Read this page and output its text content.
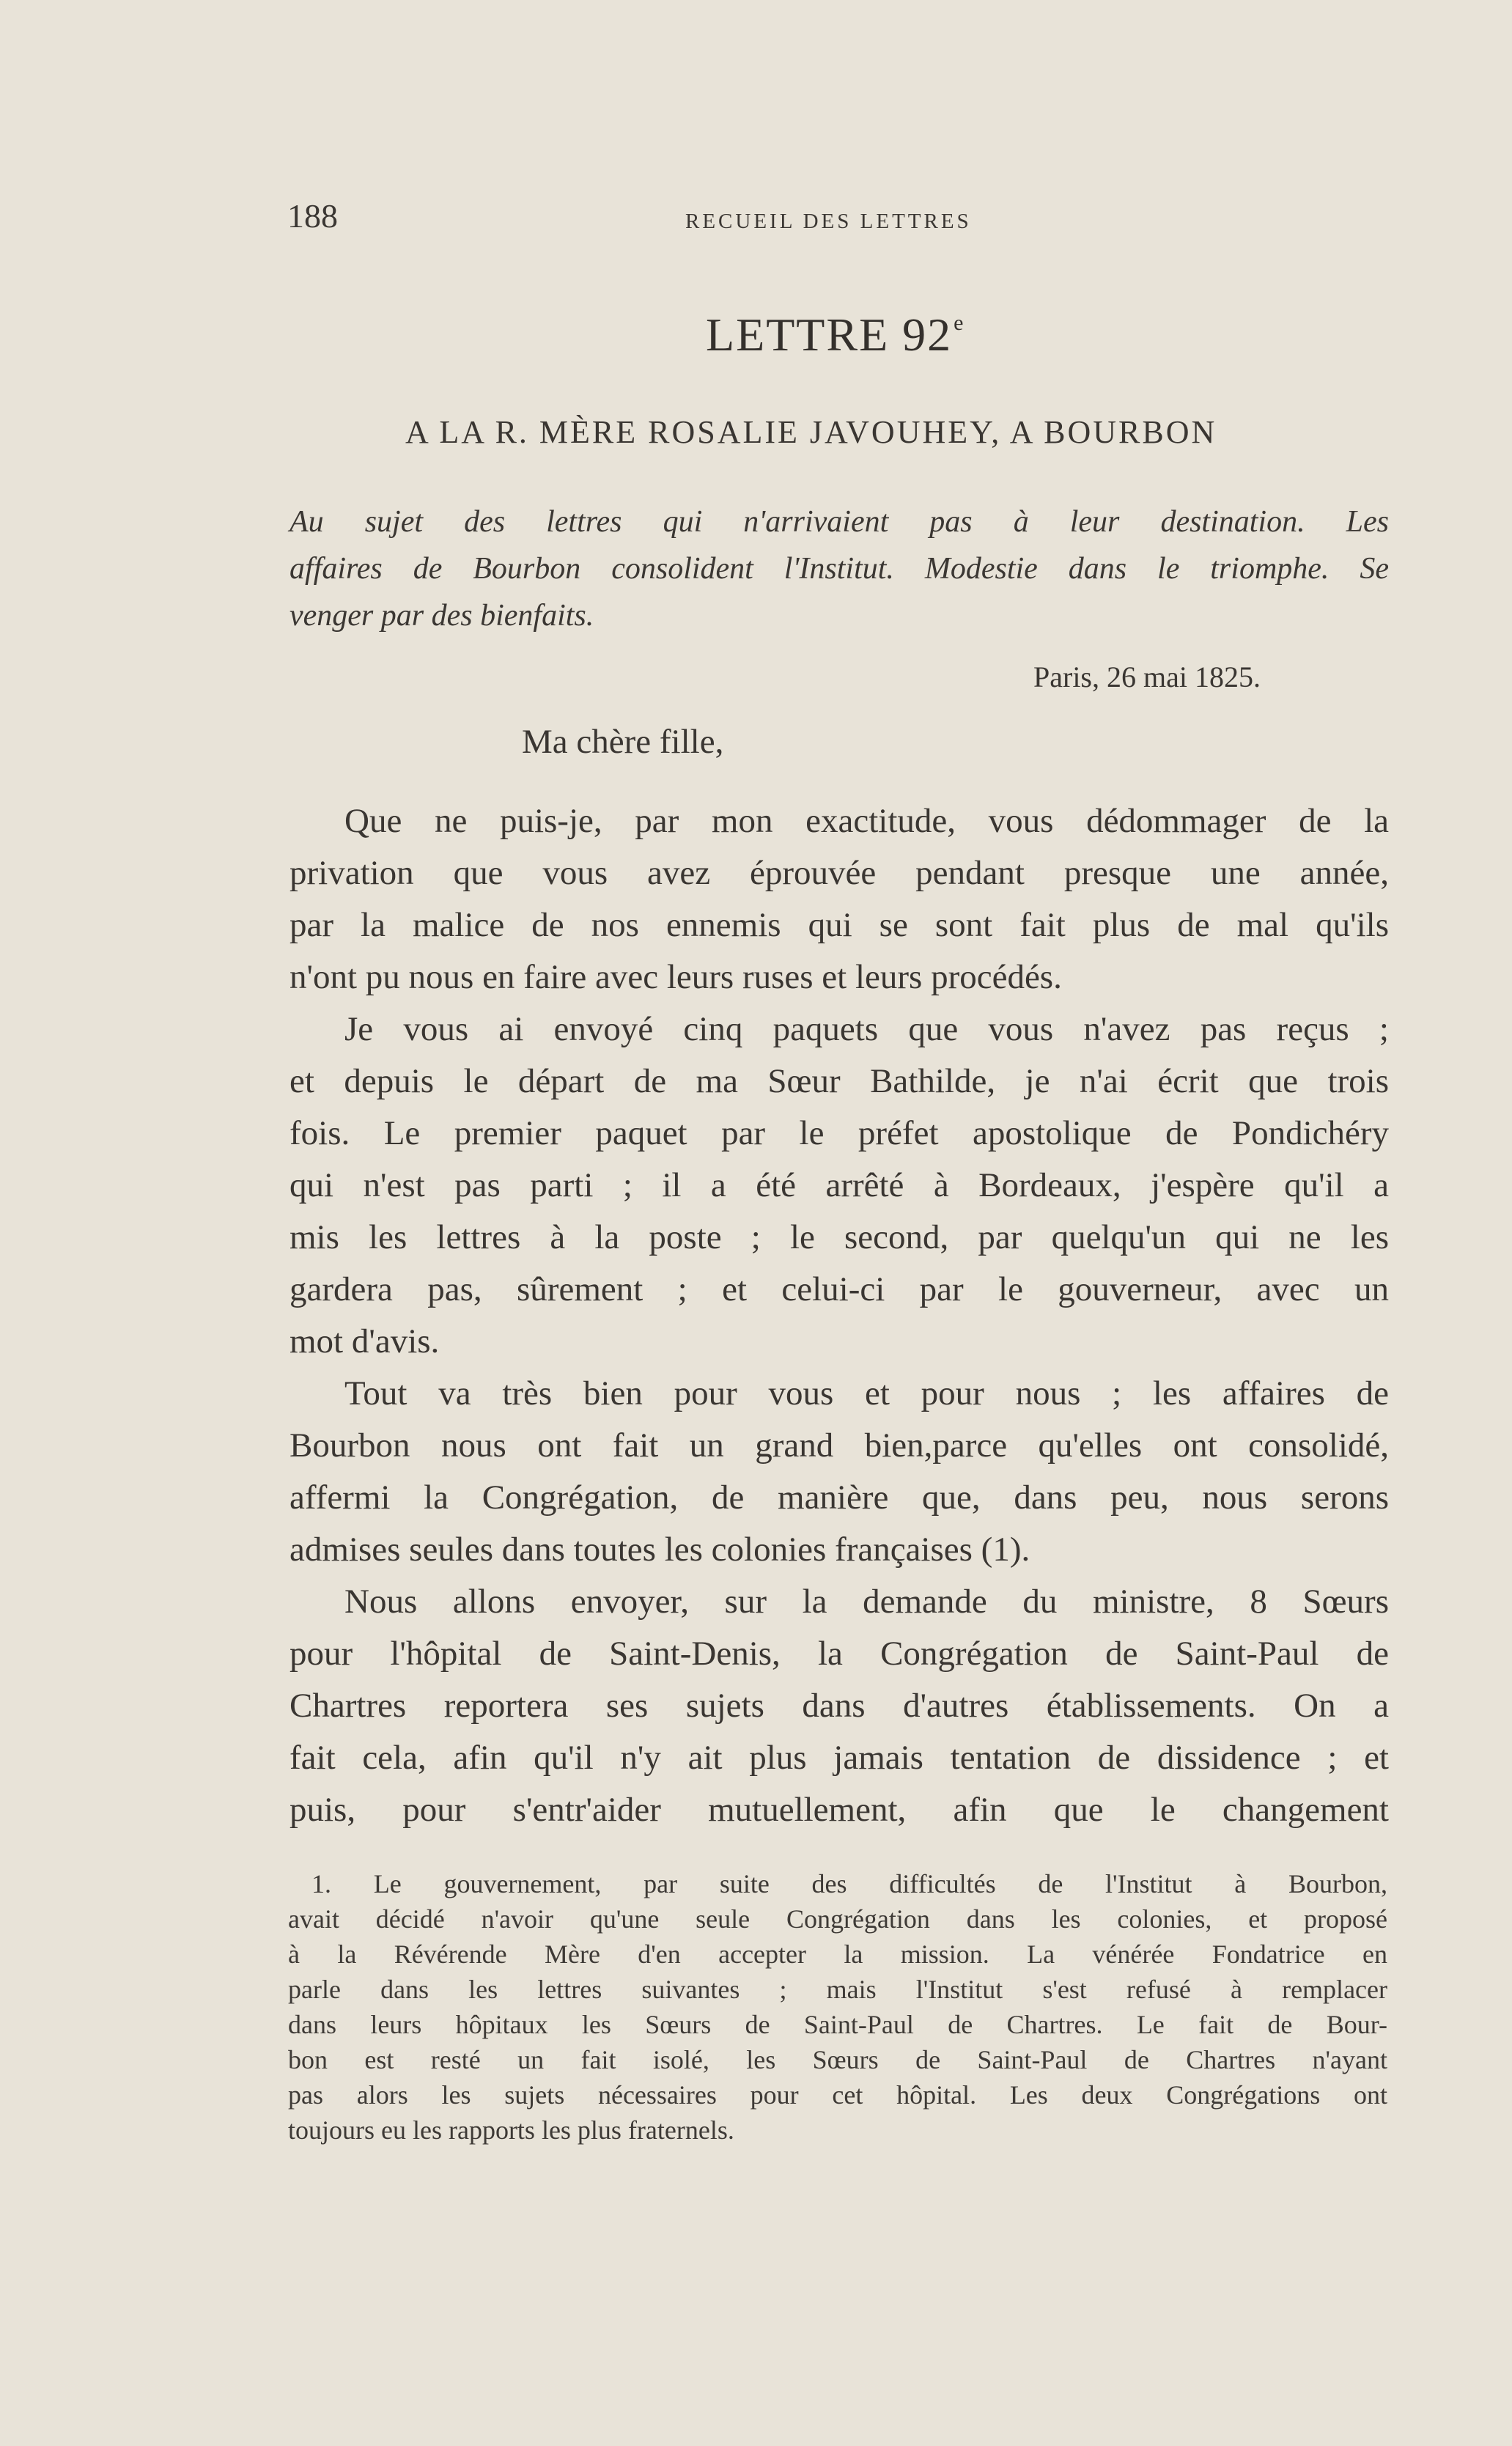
188	RECUEIL DES LETTRES
LETTRE 92e
A LA R. MÈRE ROSALIE JAVOUHEY, A BOURBON
Au sujet des lettres qui n'arrivaient pas à leur destination. Les
affaires de Bourbon consolident l'Institut. Modestie dans le triomphe. Se
venger par des bienfaits.
Paris, 26 mai 1825.
Ma chère fille,
Que ne puis-je, par mon exactitude, vous dédommager de la
privation que vous avez éprouvée pendant presque une année,
par la malice de nos ennemis qui se sont fait plus de mal qu'ils
n'ont pu nous en faire avec leurs ruses et leurs procédés.
Je vous ai envoyé cinq paquets que vous n'avez pas reçus ;
et depuis le départ de ma Sœur Bathilde, je n'ai écrit que trois
fois. Le premier paquet par le préfet apostolique de Pondichéry
qui n'est pas parti ; il a été arrêté à Bordeaux, j'espère qu'il a
mis les lettres à la poste ; le second, par quelqu'un qui ne les
gardera pas, sûrement ; et celui-ci par le gouverneur, avec un
mot d'avis.
Tout va très bien pour vous et pour nous ; les affaires de
Bourbon nous ont fait un grand bien,parce qu'elles ont consolidé,
affermi la Congrégation, de manière que, dans peu, nous serons
admises seules dans toutes les colonies françaises (1).
Nous allons envoyer, sur la demande du ministre, 8 Sœurs
pour l'hôpital de Saint-Denis, la Congrégation de Saint-Paul de
Chartres reportera ses sujets dans d'autres établissements. On a
fait cela, afin qu'il n'y ait plus jamais tentation de dissidence ; et
puis, pour s'entr'aider mutuellement, afin que le changement
1. Le gouvernement, par suite des difficultés de l'Institut à Bourbon,
avait décidé n'avoir qu'une seule Congrégation dans les colonies, et proposé
à la Révérende Mère d'en accepter la mission. La vénérée Fondatrice en
parle dans les lettres suivantes ; mais l'Institut s'est refusé à remplacer
dans leurs hôpitaux les Sœurs de Saint-Paul de Chartres. Le fait de Bour-
bon est resté un fait isolé, les Sœurs de Saint-Paul de Chartres n'ayant
pas alors les sujets nécessaires pour cet hôpital. Les deux Congrégations ont
toujours eu les rapports les plus fraternels.
